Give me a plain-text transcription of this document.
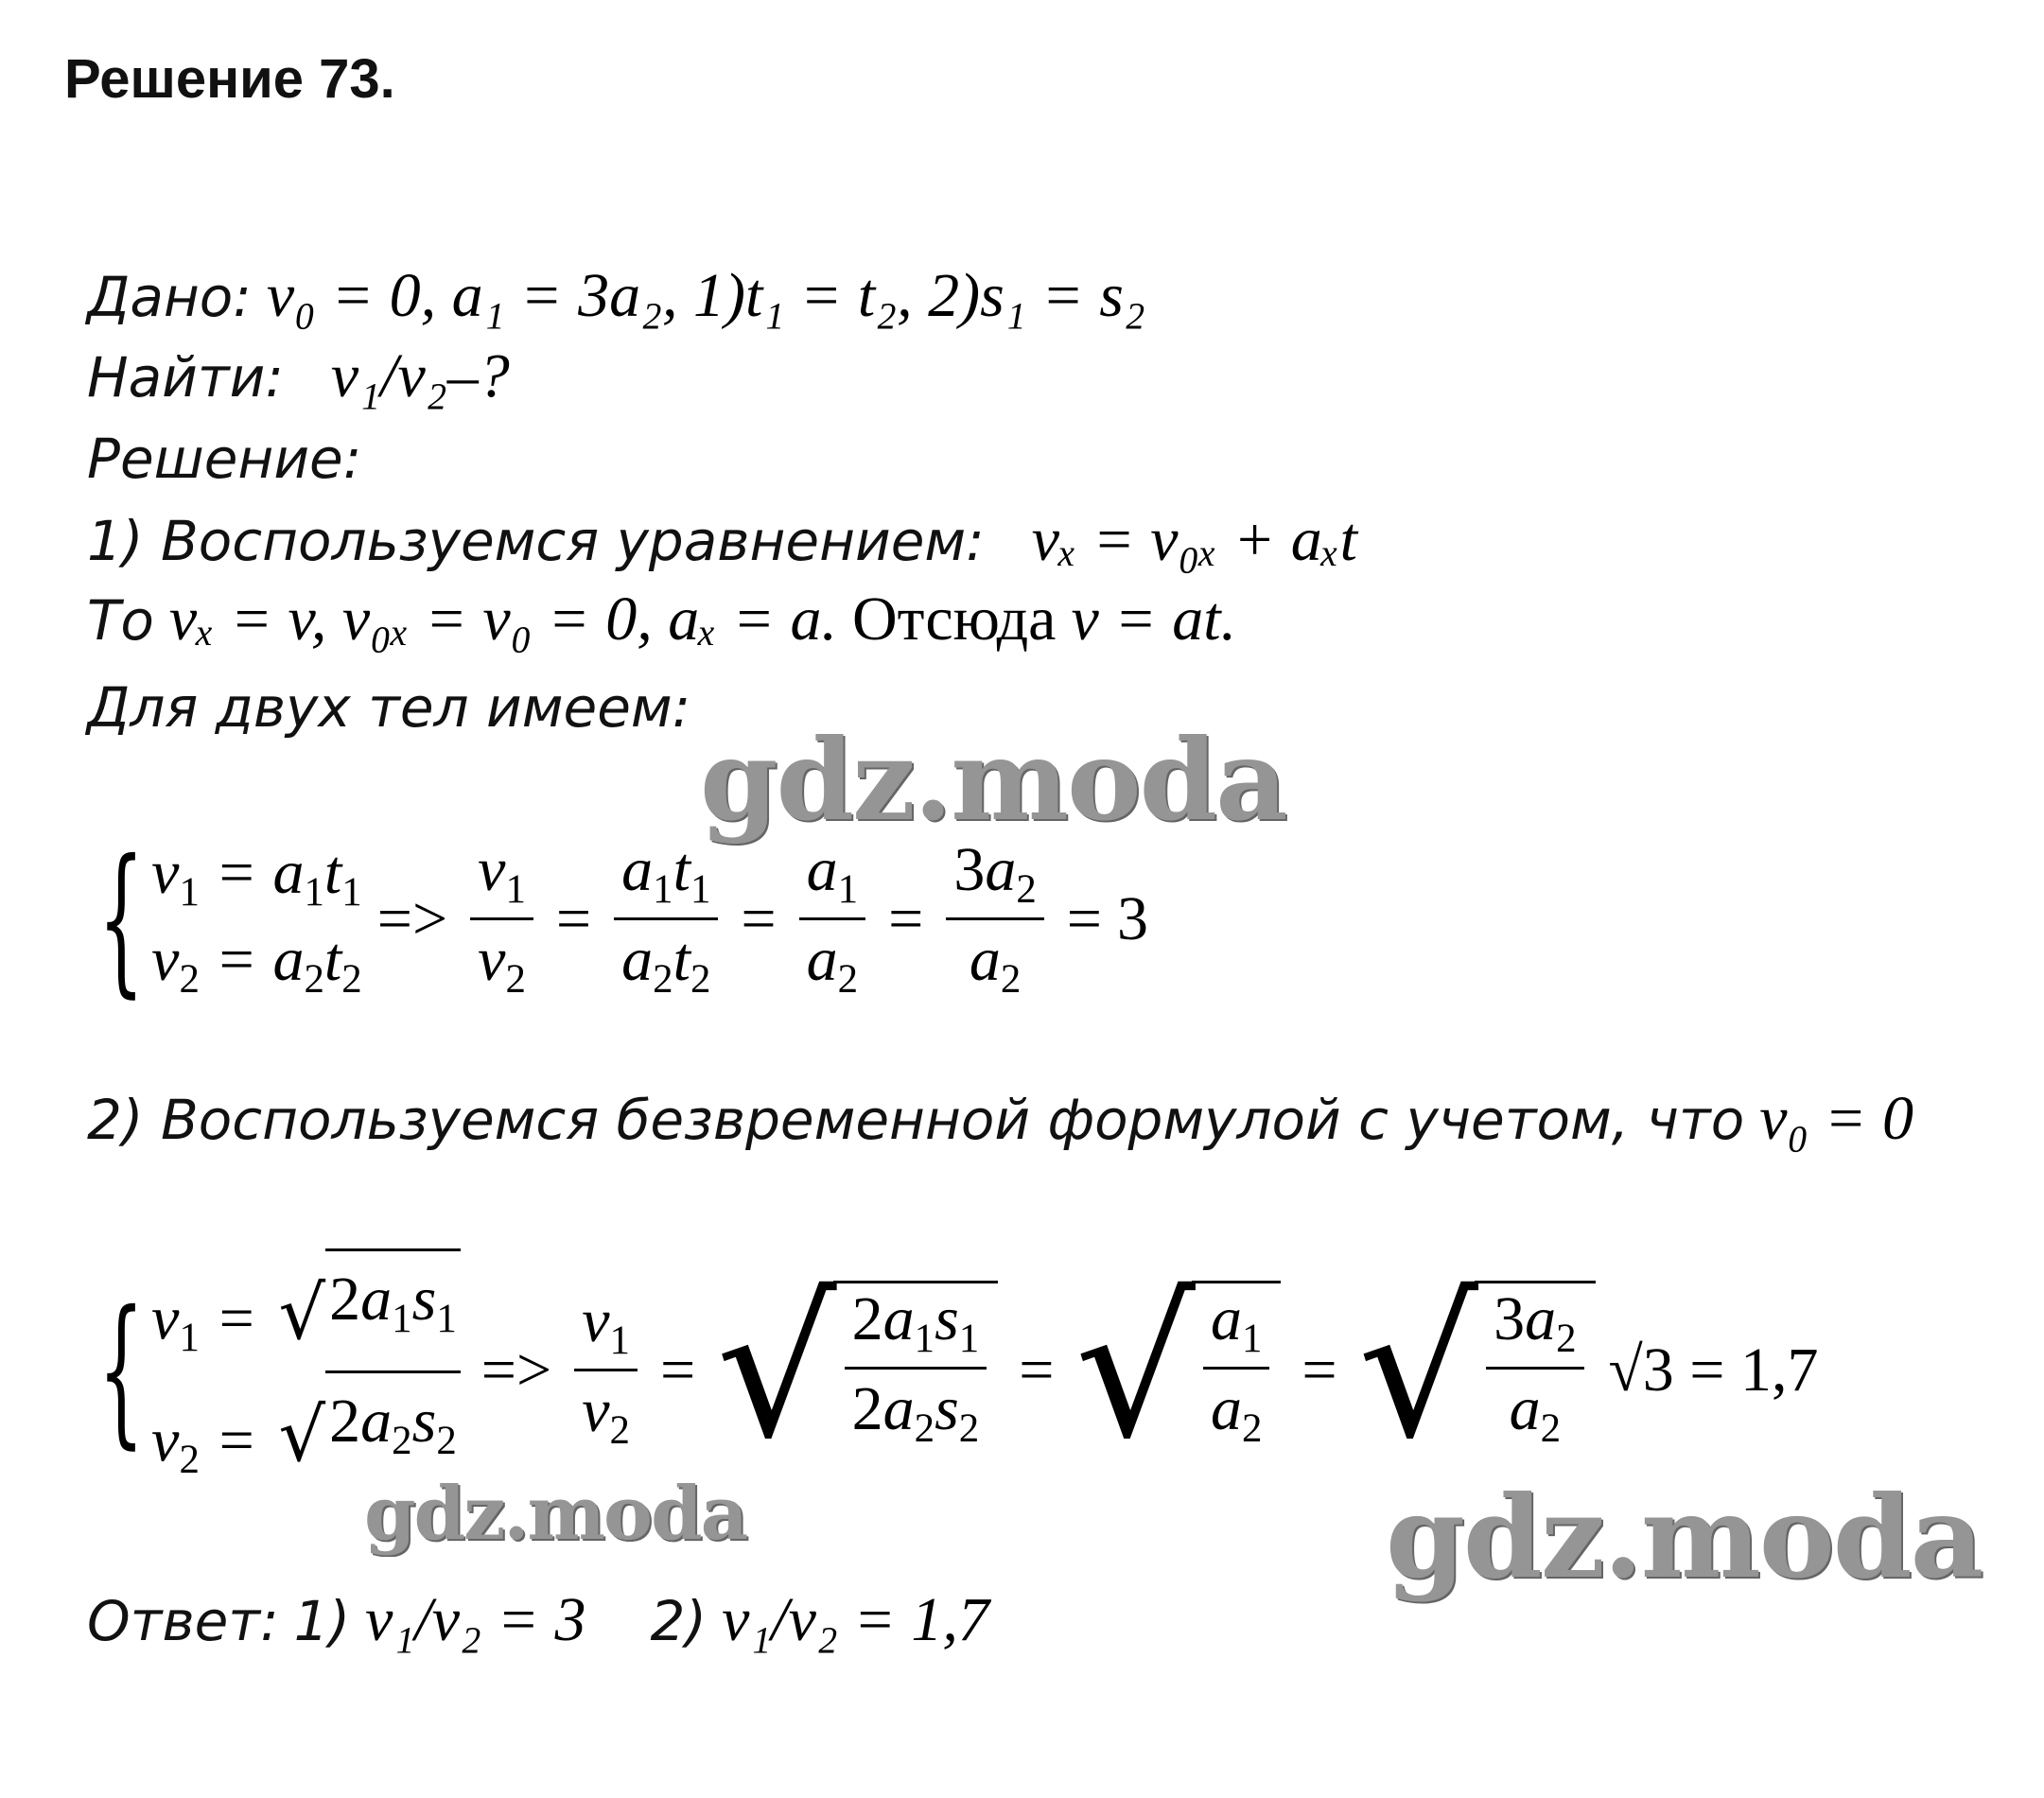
Решение 73.
Дано: v₀ = 0, a₁ = 3a₂, 1)t₁ = t₂, 2)s₁ = s₂
Найти: v₁/v₂–?
Решение:
1) Воспользуемся уравнением: vₓ = v₀ₓ + aₓt
То vₓ = v, v₀ₓ = v₀ = 0, aₓ = a. Отсюда v = at.
Для двух тел имеем:
{ $v_1 = a_1t_1$
$v_2 = a_2t_2$
=> $\frac{v_1}{v_2} = \frac{a_1t_1}{a_2t_2} = \frac{a_1}{a_2} = \frac{3a_2}{a_2} = 3$
2) Воспользуемся безвременной формулой с учетом, что v₀ = 0
{ $v_1$ = √ $2a_1s_1$
$v_2$ = √ $2a_2s_2$
=> $\frac{v_1}{v_2}$ = √ $\frac{2a_1s_1}{2a_2s_2}$ = √ $\frac{a_1}{a_2}$ = √ $\frac{3a_2}{a_2} √3 = 1,7$
Ответ: 1) v₁/v₂ = 3 2) v₁/v₂ = 1,7
gdz.moda
gdz.moda	gdz.moda
